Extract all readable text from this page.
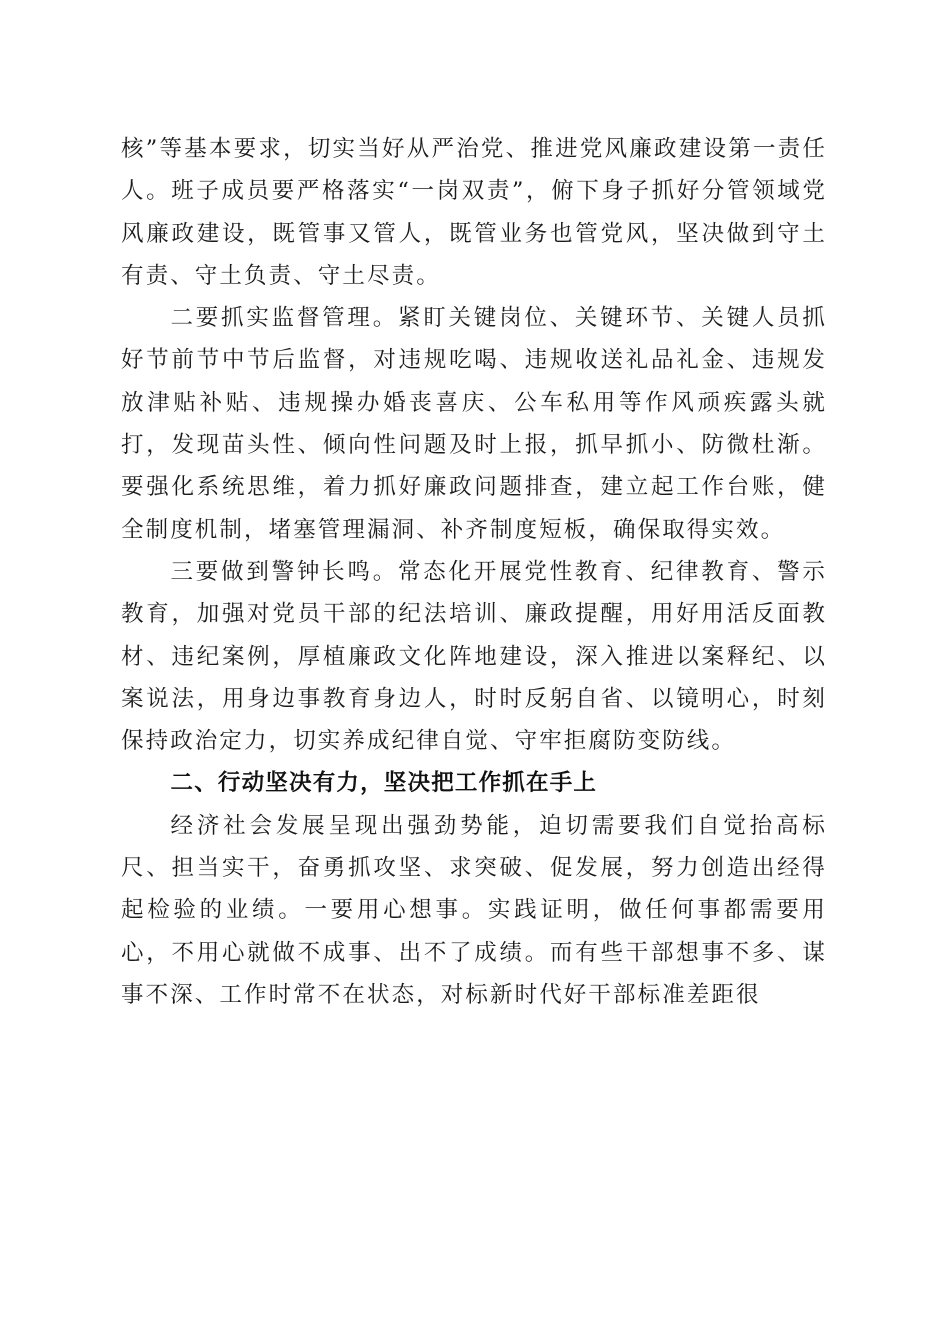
核”等基本要求，切实当好从严治党、推进党风廉政建设第一责任人。班子成员要严格落实“一岗双责”，俯下身子抓好分管领域党风廉政建设，既管事又管人，既管业务也管党风，坚决做到守土有责、守土负责、守土尽责。

二要抓实监督管理。紧盯关键岗位、关键环节、关键人员抓好节前节中节后监督，对违规吃喝、违规收送礼品礼金、违规发放津贴补贴、违规操办婚丧喜庆、公车私用等作风顽疾露头就打，发现苗头性、倾向性问题及时上报，抓早抓小、防微杜渐。要强化系统思维，着力抓好廉政问题排查，建立起工作台账，健全制度机制，堵塞管理漏洞、补齐制度短板，确保取得实效。

三要做到警钟长鸣。常态化开展党性教育、纪律教育、警示教育，加强对党员干部的纪法培训、廉政提醒，用好用活反面教材、违纪案例，厚植廉政文化阵地建设，深入推进以案释纪、以案说法，用身边事教育身边人，时时反躬自省、以镜明心，时刻保持政治定力，切实养成纪律自觉、守牢拒腐防变防线。

二、行动坚决有力，坚决把工作抓在手上

经济社会发展呈现出强劲势能，迫切需要我们自觉抬高标尺、担当实干，奋勇抓攻坚、求突破、促发展，努力创造出经得起检验的业绩。一要用心想事。实践证明，做任何事都需要用心，不用心就做不成事、出不了成绩。而有些干部想事不多、谋事不深、工作时常不在状态，对标新时代好干部标准差距很
